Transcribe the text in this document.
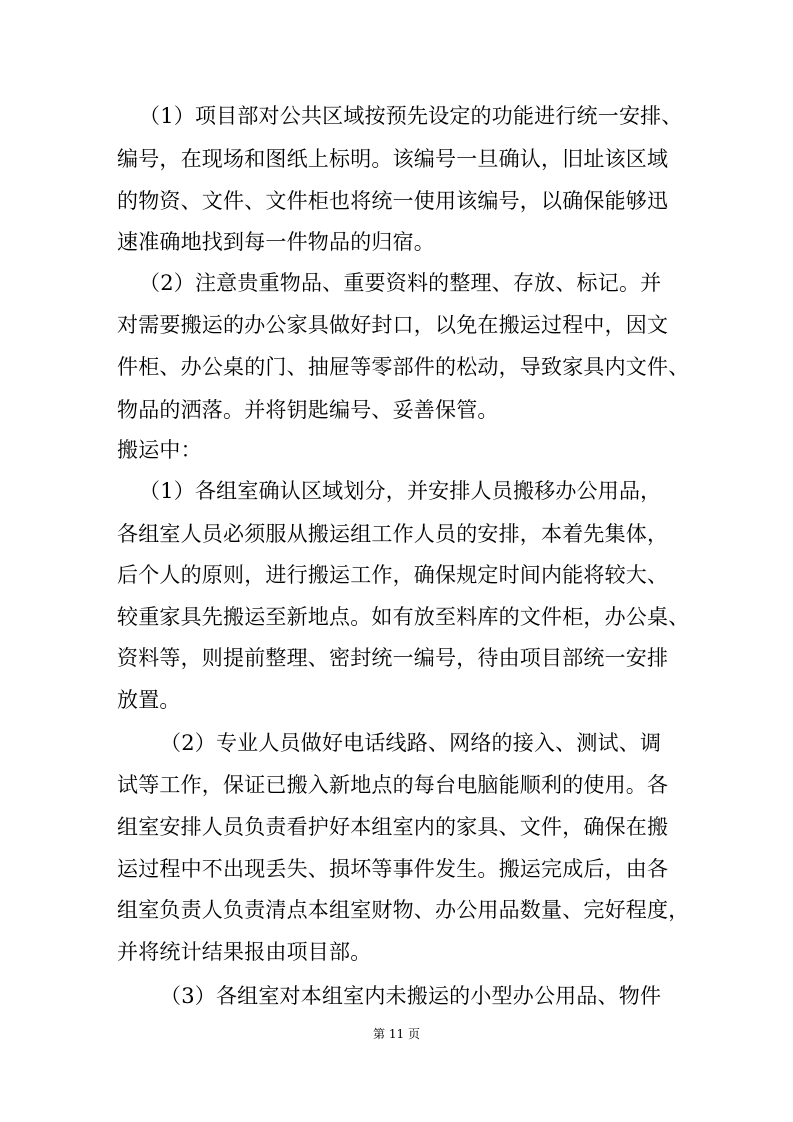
（1）项目部对公共区域按预先设定的功能进行统一安排、
编号，在现场和图纸上标明。该编号一旦确认，旧址该区域
的物资、文件、文件柜也将统一使用该编号，以确保能够迅
速准确地找到每一件物品的归宿。
（2）注意贵重物品、重要资料的整理、存放、标记。并
对需要搬运的办公家具做好封口，以免在搬运过程中，因文
件柜、办公桌的门、抽屉等零部件的松动，导致家具内文件、
物品的洒落。并将钥匙编号、妥善保管。
搬运中：
（1）各组室确认区域划分，并安排人员搬移办公用品，
各组室人员必须服从搬运组工作人员的安排，本着先集体，
后个人的原则，进行搬运工作，确保规定时间内能将较大、
较重家具先搬运至新地点。如有放至料库的文件柜，办公桌、
资料等，则提前整理、密封统一编号，待由项目部统一安排
放置。
（2）专业人员做好电话线路、网络的接入、测试、调
试等工作，保证已搬入新地点的每台电脑能顺利的使用。各
组室安排人员负责看护好本组室内的家具、文件，确保在搬
运过程中不出现丢失、损坏等事件发生。搬运完成后，由各
组室负责人负责清点本组室财物、办公用品数量、完好程度，
并将统计结果报由项目部。
（3）各组室对本组室内未搬运的小型办公用品、物件
第 11 页
